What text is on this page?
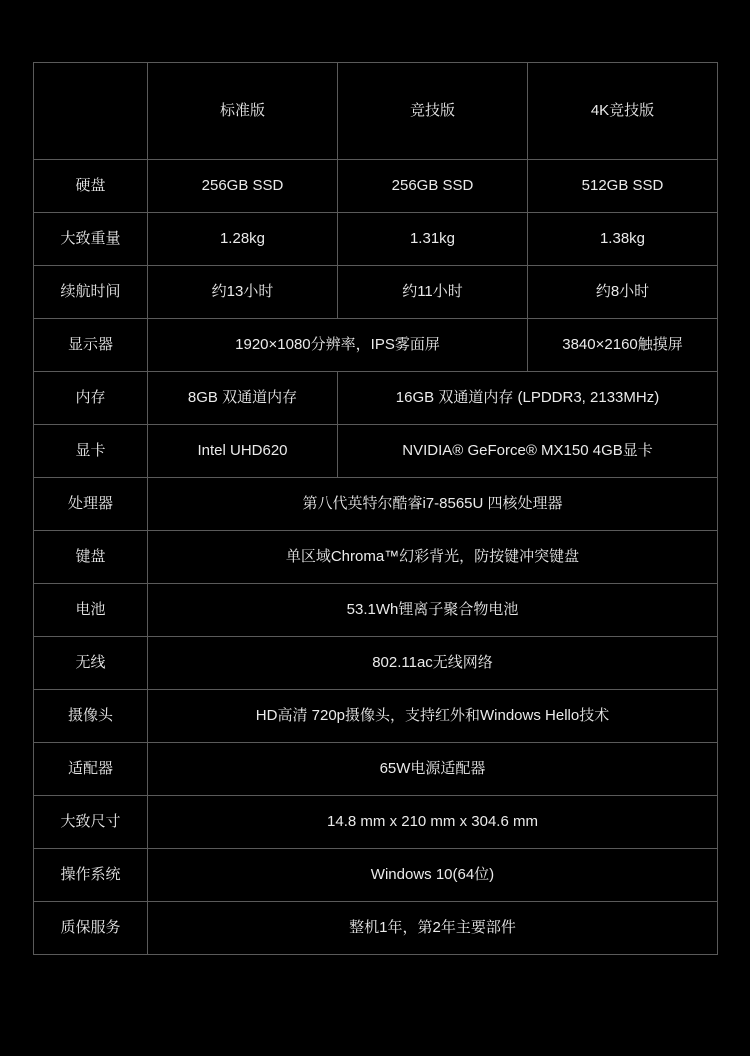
	标准版	竞技版	4K竞技版
硬盘	256GB SSD	256GB SSD	512GB SSD
大致重量	1.28kg	1.31kg	1.38kg
续航时间	约13小时	约11小时	约8小时
显示器	1920×1080分辨率，IPS雾面屏		3840×2160触摸屏
内存	8GB 双通道内存	16GB 双通道内存 (LPDDR3, 2133MHz)	
显卡	Intel UHD620	NVIDIA® GeForce® MX150 4GB显卡	
处理器	第八代英特尔酷睿i7-8565U 四核处理器		
键盘	单区域Chroma™幻彩背光，防按键冲突键盘		
电池	53.1Wh锂离子聚合物电池		
无线	802.11ac无线网络		
摄像头	HD高清 720p摄像头，支持红外和Windows Hello技术		
适配器	65W电源适配器		
大致尺寸	14.8 mm x 210 mm x 304.6 mm		
操作系统	Windows 10(64位)		
质保服务	整机1年，第2年主要部件		
